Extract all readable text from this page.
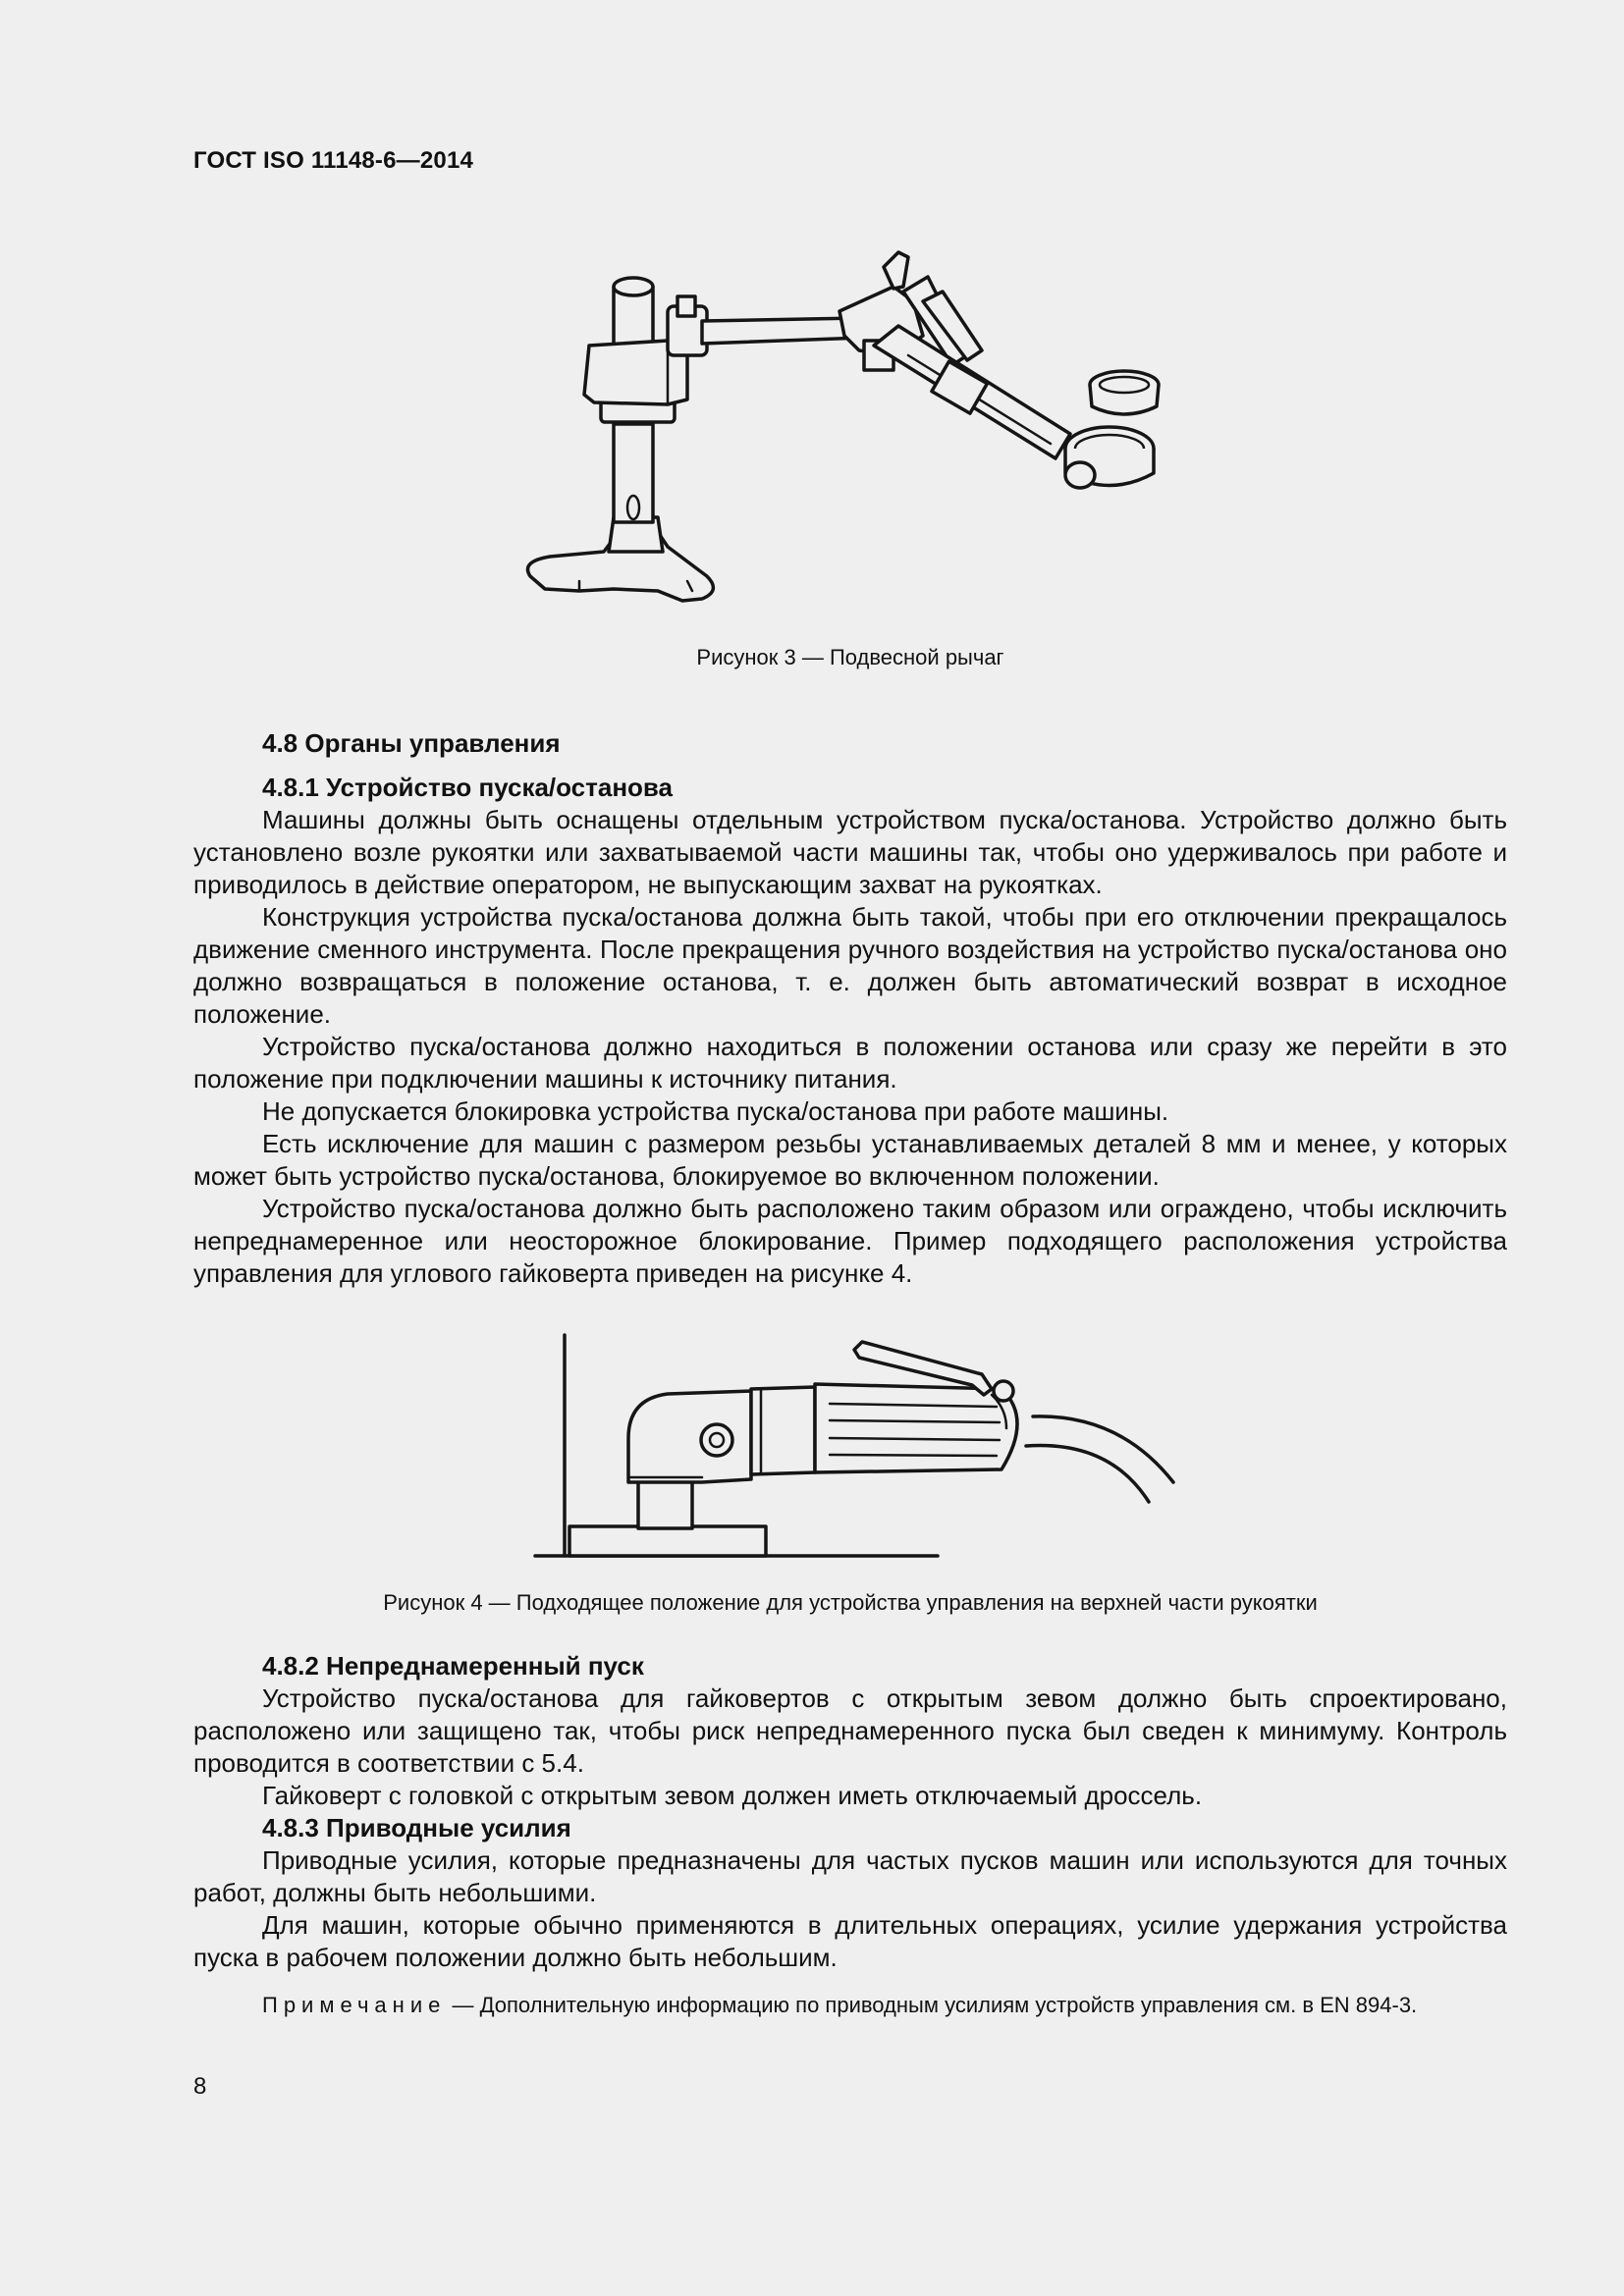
ГОСТ ISO 11148-6—2014
Рисунок 3 — Подвесной рычаг
4.8 Органы управления
4.8.1 Устройство пуска/останова

Машины должны быть оснащены отдельным устройством пуска/останова. Устройство должно быть установлено возле рукоятки или захватываемой части машины так, чтобы оно удерживалось при работе и приводилось в действие оператором, не выпускающим захват на рукоятках.

Конструкция устройства пуска/останова должна быть такой, чтобы при его отключении прекращалось движение сменного инструмента. После прекращения ручного воздействия на устройство пуска/останова оно должно возвращаться в положение останова, т. е. должен быть автоматический возврат в исходное положение.

Устройство пуска/останова должно находиться в положении останова или сразу же перейти в это положение при подключении машины к источнику питания.

Не допускается блокировка устройства пуска/останова при работе машины.

Есть исключение для машин с размером резьбы устанавливаемых деталей 8 мм и менее, у которых может быть устройство пуска/останова, блокируемое во включенном положении.

Устройство пуска/останова должно быть расположено таким образом или ограждено, чтобы исключить непреднамеренное или неосторожное блокирование. Пример подходящего расположения устройства управления для углового гайковерта приведен на рисунке 4.

Рисунок 4 — Подходящее положение для устройства управления на верхней части рукоятки
4.8.2 Непреднамеренный пуск

Устройство пуска/останова для гайковертов с открытым зевом должно быть спроектировано, расположено или защищено так, чтобы риск непреднамеренного пуска был сведен к минимуму. Контроль проводится в соответствии с 5.4.

Гайковерт с головкой с открытым зевом должен иметь отключаемый дроссель.

4.8.3 Приводные усилия

Приводные усилия, которые предназначены для частых пусков машин или используются для точных работ, должны быть небольшими.

Для машин, которые обычно применяются в длительных операциях, усилие удержания устройства пуска в рабочем положении должно быть небольшим.

Примечание — Дополнительную информацию по приводным усилиям устройств управления см. в EN 894-3.
8
